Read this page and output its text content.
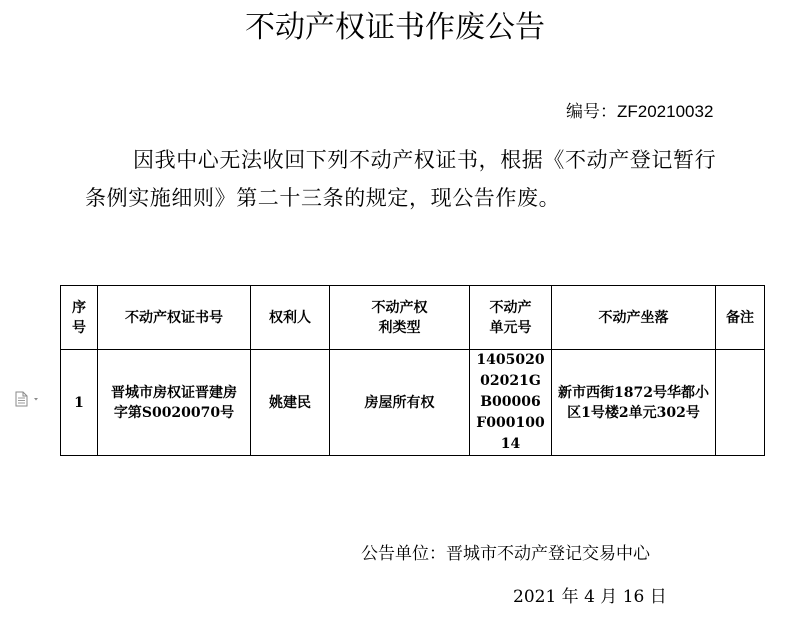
不动产权证书作废公告
编号：ZF20210032
因我中心无法收回下列不动产权证书，根据《不动产登记暂行条例实施细则》第二十三条的规定，现公告作废。
序号	不动产权证书号	权利人	不动产权利类型	不动产单元号	不动产坐落	备注
1	晋城市房权证晋建房字第S0020070号	姚建民	房屋所有权	140502002021GB00006F00010014	新市西街1872号华都小区1号楼2单元302号	
公告单位：晋城市不动产登记交易中心
2021 年 4 月 16 日
